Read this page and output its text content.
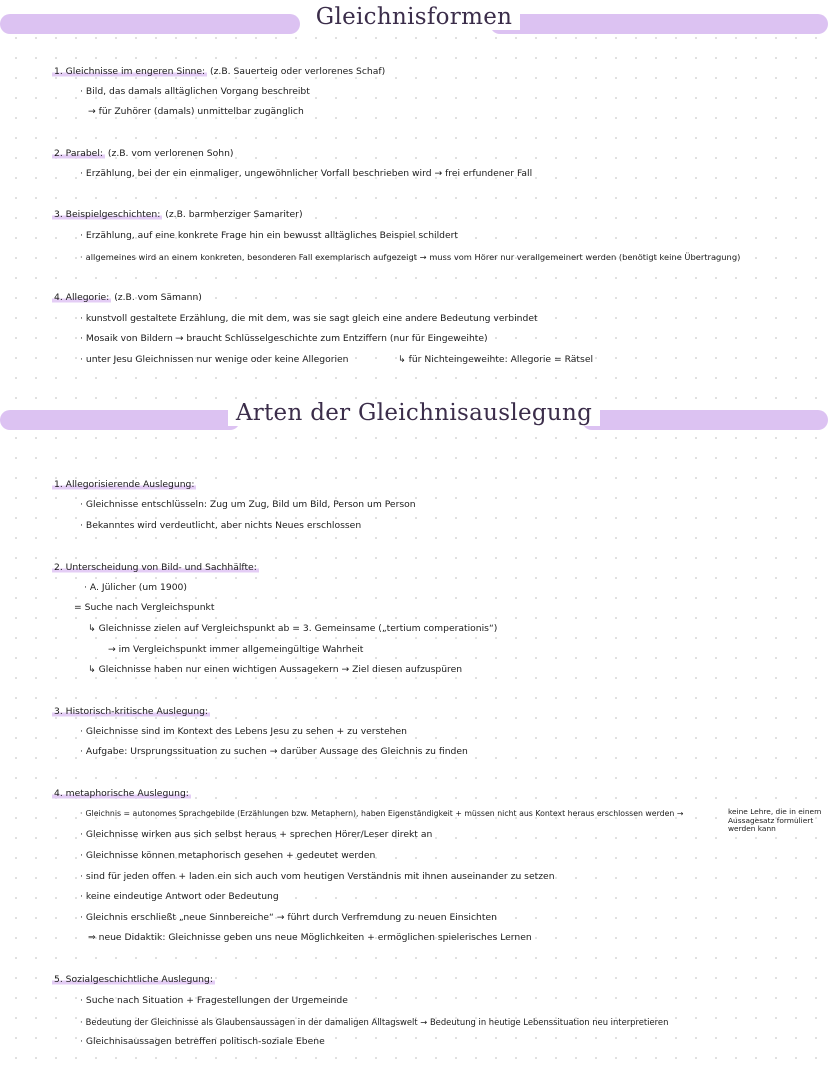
Gleichnisformen
1. Gleichnisse im engeren Sinne: (z.B. Sauerteig oder verlorenes Schaf)
· Bild, das damals alltäglichen Vorgang beschreibt
→ für Zuhörer (damals) unmittelbar zugänglich
2. Parabel: (z.B. vom verlorenen Sohn)
· Erzählung, bei der ein einmaliger, ungewöhnlicher Vorfall beschrieben wird → frei erfundener Fall
3. Beispielgeschichten: (z.B. barmherziger Samariter)
· Erzählung, auf eine konkrete Frage hin ein bewusst alltägliches Beispiel schildert
· allgemeines wird an einem konkreten, besonderen Fall exemplarisch aufgezeigt → muss vom Hörer nur verallgemeinert werden (benötigt keine Übertragung)
4. Allegorie: (z.B. vom Sämann)
· kunstvoll gestaltete Erzählung, die mit dem, was sie sagt gleich eine andere Bedeutung verbindet
· Mosaik von Bildern → braucht Schlüsselgeschichte zum Entziffern (nur für Eingeweihte)
· unter Jesu Gleichnissen nur wenige oder keine Allegorien	↳ für Nichteingeweihte: Allegorie = Rätsel
Arten der Gleichnisauslegung
1. Allegorisierende Auslegung:
· Gleichnisse entschlüsseln: Zug um Zug, Bild um Bild, Person um Person
· Bekanntes wird verdeutlicht, aber nichts Neues erschlossen
2. Unterscheidung von Bild- und Sachhälfte:
· A. Jülicher (um 1900)
= Suche nach Vergleichspunkt
↳ Gleichnisse zielen auf Vergleichspunkt ab = 3. Gemeinsame („tertium comperationis“)
→ im Vergleichspunkt immer allgemeingültige Wahrheit
↳ Gleichnisse haben nur einen wichtigen Aussagekern → Ziel diesen aufzuspüren
3. Historisch-kritische Auslegung:
· Gleichnisse sind im Kontext des Lebens Jesu zu sehen + zu verstehen
· Aufgabe: Ursprungssituation zu suchen → darüber Aussage des Gleichnis zu finden
4. metaphorische Auslegung:
· Gleichnis = autonomes Sprachgebilde (Erzählungen bzw. Metaphern), haben Eigenständigkeit + müssen nicht aus Kontext heraus erschlossen werden →	keine Lehre, die in einem Aussagesatz formuliert werden kann
· Gleichnisse wirken aus sich selbst heraus + sprechen Hörer/Leser direkt an
· Gleichnisse können metaphorisch gesehen + gedeutet werden
· sind für jeden offen + laden ein sich auch vom heutigen Verständnis mit ihnen auseinander zu setzen
· keine eindeutige Antwort oder Bedeutung
· Gleichnis erschließt „neue Sinnbereiche“ → führt durch Verfremdung zu neuen Einsichten
⇒ neue Didaktik: Gleichnisse geben uns neue Möglichkeiten + ermöglichen spielerisches Lernen
5. Sozialgeschichtliche Auslegung:
· Suche nach Situation + Fragestellungen der Urgemeinde
· Bedeutung der Gleichnisse als Glaubensaussagen in der damaligen Alltagswelt → Bedeutung in heutige Lebenssituation neu interpretieren
· Gleichnisaussagen betreffen politisch-soziale Ebene
